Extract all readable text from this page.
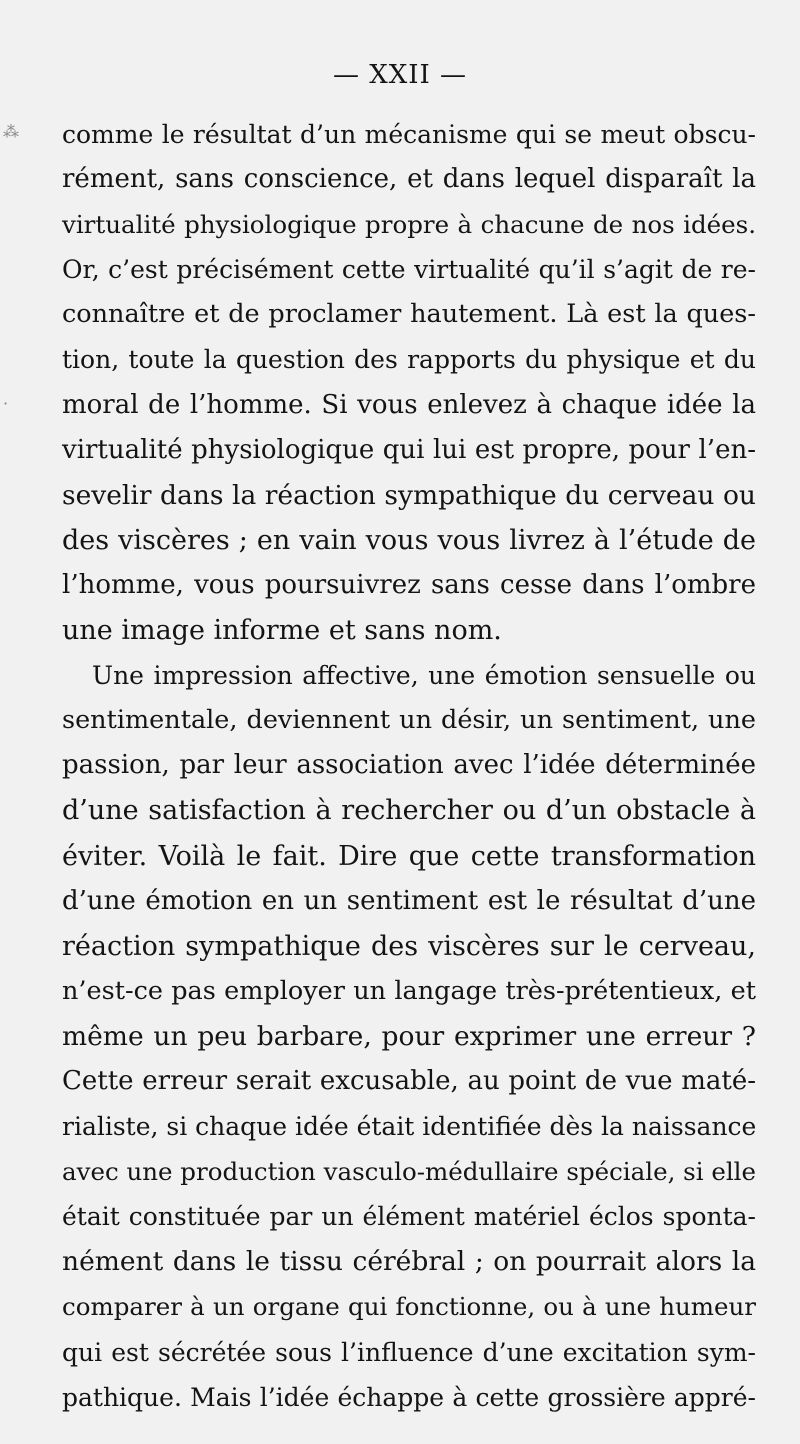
— XXII —
⁂
·
comme le résultat d’un mécanisme qui se meut obscu-
rément, sans conscience, et dans lequel disparaît la
virtualité physiologique propre à chacune de nos idées.
Or, c’est précisément cette virtualité qu’il s’agit de re-
connaître et de proclamer hautement. Là est la ques-
tion, toute la question des rapports du physique et du
moral de l’homme. Si vous enlevez à chaque idée la
virtualité physiologique qui lui est propre, pour l’en-
sevelir dans la réaction sympathique du cerveau ou
des viscères ; en vain vous vous livrez à l’étude de
l’homme, vous poursuivrez sans cesse dans l’ombre
une image informe et sans nom.
Une impression affective, une émotion sensuelle ou
sentimentale, deviennent un désir, un sentiment, une
passion, par leur association avec l’idée déterminée
d’une satisfaction à rechercher ou d’un obstacle à
éviter. Voilà le fait. Dire que cette transformation
d’une émotion en un sentiment est le résultat d’une
réaction sympathique des viscères sur le cerveau,
n’est-ce pas employer un langage très-prétentieux, et
même un peu barbare, pour exprimer une erreur ?
Cette erreur serait excusable, au point de vue maté-
rialiste, si chaque idée était identifiée dès la naissance
avec une production vasculo-médullaire spéciale, si elle
était constituée par un élément matériel éclos sponta-
nément dans le tissu cérébral ; on pourrait alors la
comparer à un organe qui fonctionne, ou à une humeur
qui est sécrétée sous l’influence d’une excitation sym-
pathique. Mais l’idée échappe à cette grossière appré-
